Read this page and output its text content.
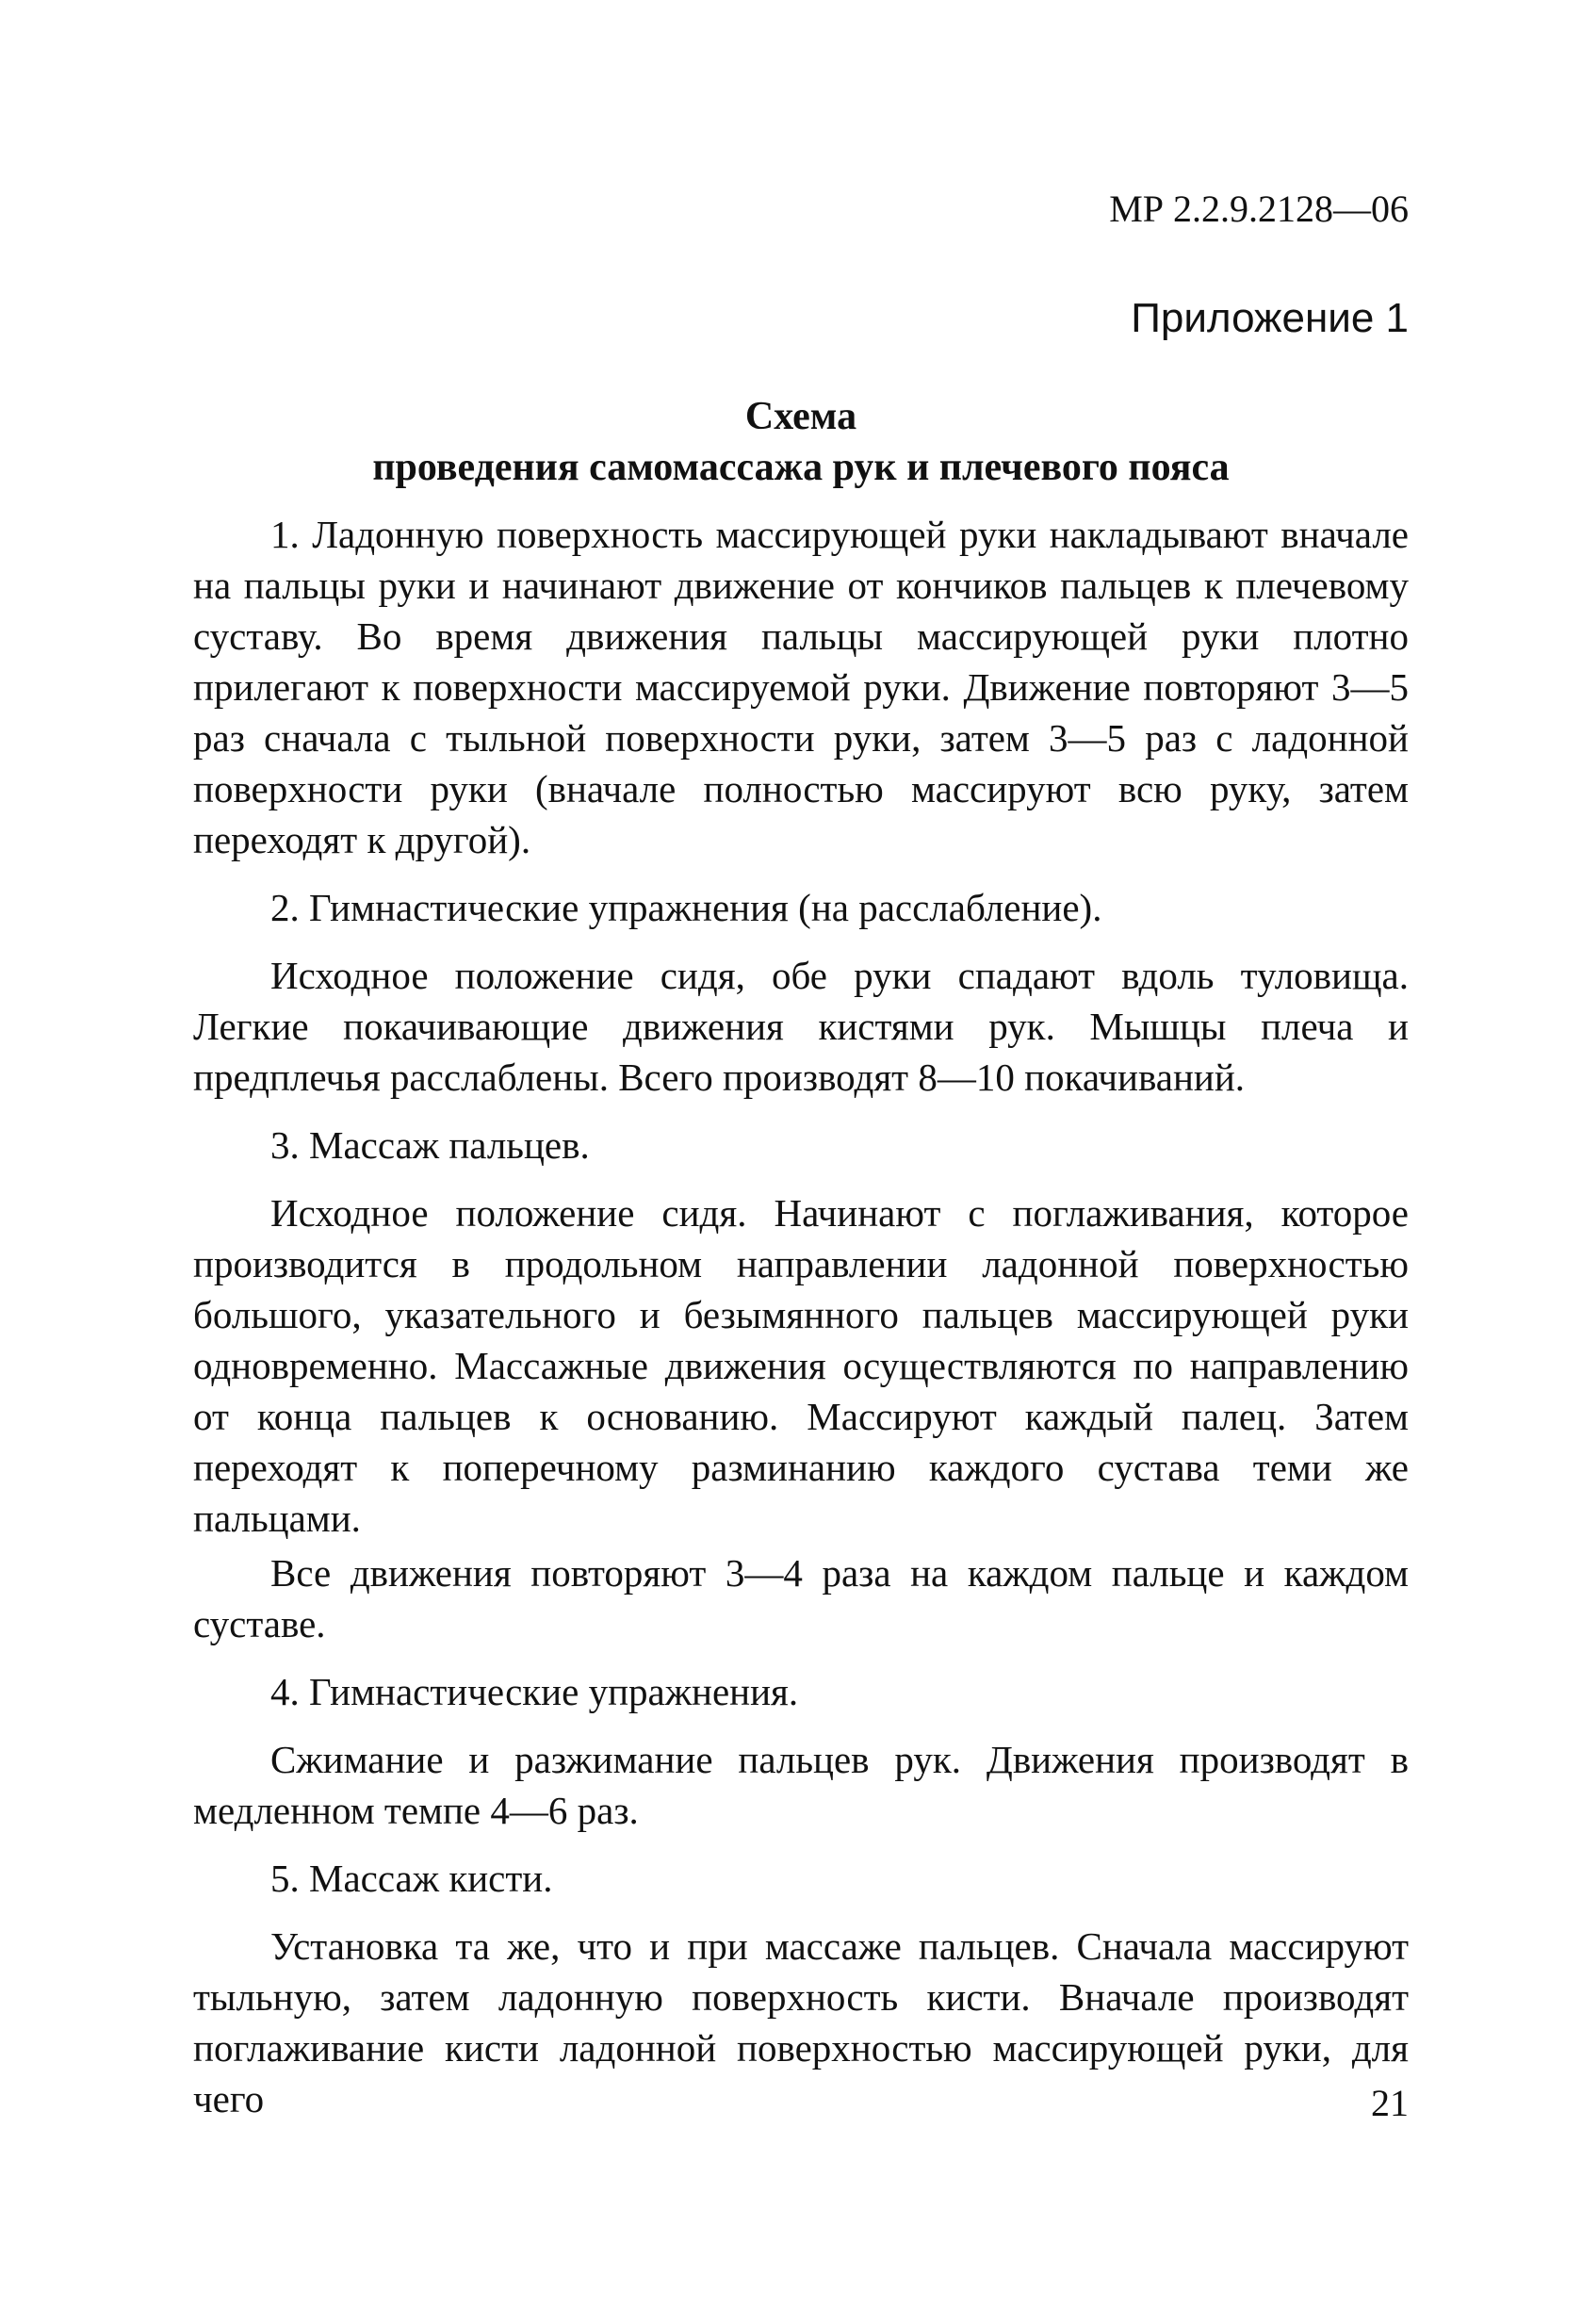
МР 2.2.9.2128—06
Приложение 1
Схема
проведения самомассажа рук и плечевого пояса

1. Ладонную поверхность массирующей руки накладывают вначале на пальцы руки и начинают движение от кончиков пальцев к плечевому суставу. Во время движения пальцы массирующей руки плотно прилегают к поверхности массируемой руки. Движение повторяют 3—5 раз сначала с тыльной поверхности руки, затем 3—5 раз с ладонной поверхности руки (вначале полностью массируют всю руку, затем переходят к другой).

2. Гимнастические упражнения (на расслабление).

Исходное положение сидя, обе руки спадают вдоль туловища. Легкие покачивающие движения кистями рук. Мышцы плеча и предплечья расслаблены. Всего производят 8—10 покачиваний.

3. Массаж пальцев.

Исходное положение сидя. Начинают с поглаживания, которое производится в продольном направлении ладонной поверхностью большого, указательного и безымянного пальцев массирующей руки одновременно. Массажные движения осуществляются по направлению от конца пальцев к основанию. Массируют каждый палец. Затем переходят к поперечному разминанию каждого сустава теми же пальцами.

Все движения повторяют 3—4 раза на каждом пальце и каждом суставе.

4. Гимнастические упражнения.

Сжимание и разжимание пальцев рук. Движения производят в медленном темпе 4—6 раз.

5. Массаж кисти.

Установка та же, что и при массаже пальцев. Сначала массируют тыльную, затем ладонную поверхность кисти. Вначале производят поглаживание кисти ладонной поверхностью массирующей руки, для чего	21
